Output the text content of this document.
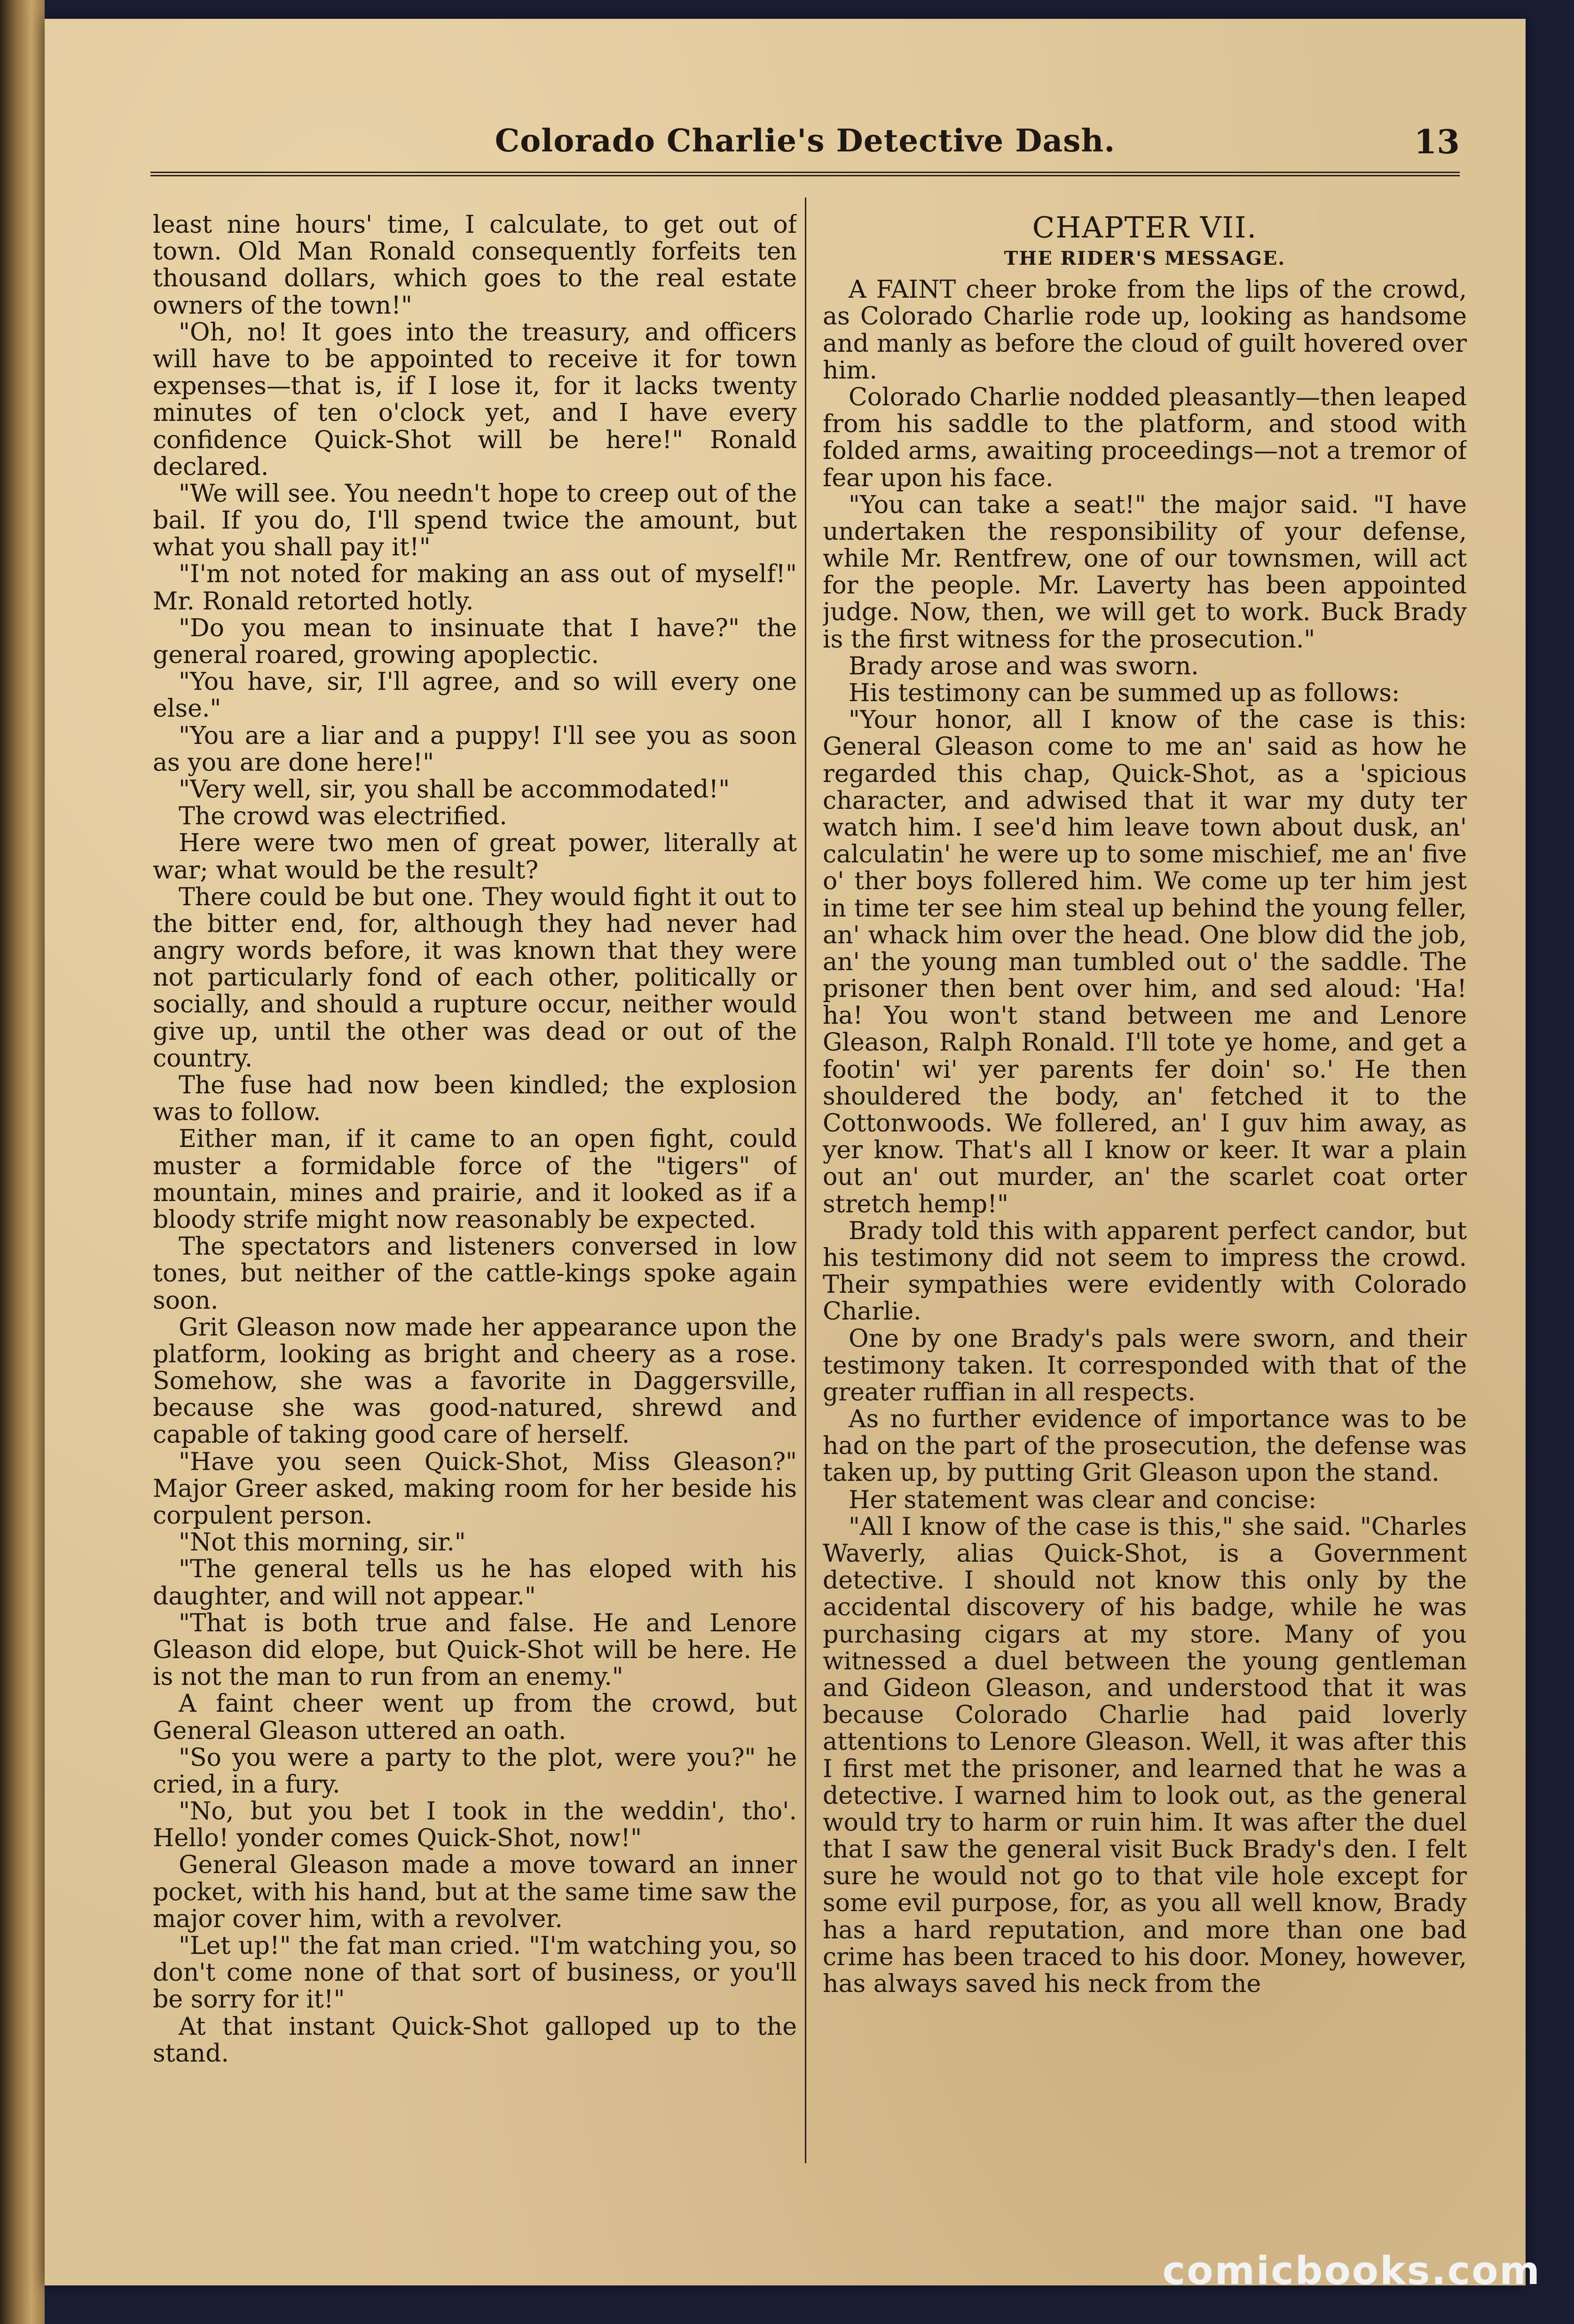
Colorado Charlie's Detective Dash.	13

least nine hours' time, I calculate, to get out of town. Old Man Ronald consequently forfeits ten thousand dollars, which goes to the real estate owners of the town!"

"Oh, no! It goes into the treasury, and officers will have to be appointed to receive it for town expenses—that is, if I lose it, for it lacks twenty minutes of ten o'clock yet, and I have every confidence Quick-Shot will be here!" Ronald declared.

"We will see. You needn't hope to creep out of the bail. If you do, I'll spend twice the amount, but what you shall pay it!"

"I'm not noted for making an ass out of myself!" Mr. Ronald retorted hotly.

"Do you mean to insinuate that I have?" the general roared, growing apoplectic.

"You have, sir, I'll agree, and so will every one else."

"You are a liar and a puppy! I'll see you as soon as you are done here!"

"Very well, sir, you shall be accommodated!"

The crowd was electrified.

Here were two men of great power, literally at war; what would be the result?

There could be but one. They would fight it out to the bitter end, for, although they had never had angry words before, it was known that they were not particularly fond of each other, politically or socially, and should a rupture occur, neither would give up, until the other was dead or out of the country.

The fuse had now been kindled; the explosion was to follow.

Either man, if it came to an open fight, could muster a formidable force of the "tigers" of mountain, mines and prairie, and it looked as if a bloody strife might now reasonably be expected.

The spectators and listeners conversed in low tones, but neither of the cattle-kings spoke again soon.

Grit Gleason now made her appearance upon the platform, looking as bright and cheery as a rose. Somehow, she was a favorite in Daggersville, because she was good-natured, shrewd and capable of taking good care of herself.

"Have you seen Quick-Shot, Miss Gleason?" Major Greer asked, making room for her beside his corpulent person.

"Not this morning, sir."

"The general tells us he has eloped with his daughter, and will not appear."

"That is both true and false. He and Lenore Gleason did elope, but Quick-Shot will be here. He is not the man to run from an enemy."

A faint cheer went up from the crowd, but General Gleason uttered an oath.

"So you were a party to the plot, were you?" he cried, in a fury.

"No, but you bet I took in the weddin', tho'. Hello! yonder comes Quick-Shot, now!"

General Gleason made a move toward an inner pocket, with his hand, but at the same time saw the major cover him, with a revolver.

"Let up!" the fat man cried. "I'm watching you, so don't come none of that sort of business, or you'll be sorry for it!"

At that instant Quick-Shot galloped up to the stand.

CHAPTER VII.
THE RIDER'S MESSAGE.

A FAINT cheer broke from the lips of the crowd, as Colorado Charlie rode up, looking as handsome and manly as before the cloud of guilt hovered over him.

Colorado Charlie nodded pleasantly—then leaped from his saddle to the platform, and stood with folded arms, awaiting proceedings—not a tremor of fear upon his face.

"You can take a seat!" the major said. "I have undertaken the responsibility of your defense, while Mr. Rentfrew, one of our townsmen, will act for the people. Mr. Laverty has been appointed judge. Now, then, we will get to work. Buck Brady is the first witness for the prosecution."

Brady arose and was sworn.

His testimony can be summed up as follows:

"Your honor, all I know of the case is this: General Gleason come to me an' said as how he regarded this chap, Quick-Shot, as a 'spicious character, and adwised that it war my duty ter watch him. I see'd him leave town about dusk, an' calculatin' he were up to some mischief, me an' five o' ther boys follered him. We come up ter him jest in time ter see him steal up behind the young feller, an' whack him over the head. One blow did the job, an' the young man tumbled out o' the saddle. The prisoner then bent over him, and sed aloud: 'Ha! ha! You won't stand between me and Lenore Gleason, Ralph Ronald. I'll tote ye home, and get a footin' wi' yer parents fer doin' so.' He then shouldered the body, an' fetched it to the Cottonwoods. We follered, an' I guv him away, as yer know. That's all I know or keer. It war a plain out an' out murder, an' the scarlet coat orter stretch hemp!"

Brady told this with apparent perfect candor, but his testimony did not seem to impress the crowd. Their sympathies were evidently with Colorado Charlie.

One by one Brady's pals were sworn, and their testimony taken. It corresponded with that of the greater ruffian in all respects.

As no further evidence of importance was to be had on the part of the prosecution, the defense was taken up, by putting Grit Gleason upon the stand.

Her statement was clear and concise:

"All I know of the case is this," she said. "Charles Waverly, alias Quick-Shot, is a Government detective. I should not know this only by the accidental discovery of his badge, while he was purchasing cigars at my store. Many of you witnessed a duel between the young gentleman and Gideon Gleason, and understood that it was because Colorado Charlie had paid loverly attentions to Lenore Gleason. Well, it was after this I first met the prisoner, and learned that he was a detective. I warned him to look out, as the general would try to harm or ruin him. It was after the duel that I saw the general visit Buck Brady's den. I felt sure he would not go to that vile hole except for some evil purpose, for, as you all well know, Brady has a hard reputation, and more than one bad crime has been traced to his door. Money, however, has always saved his neck from the

comicbooks.com
